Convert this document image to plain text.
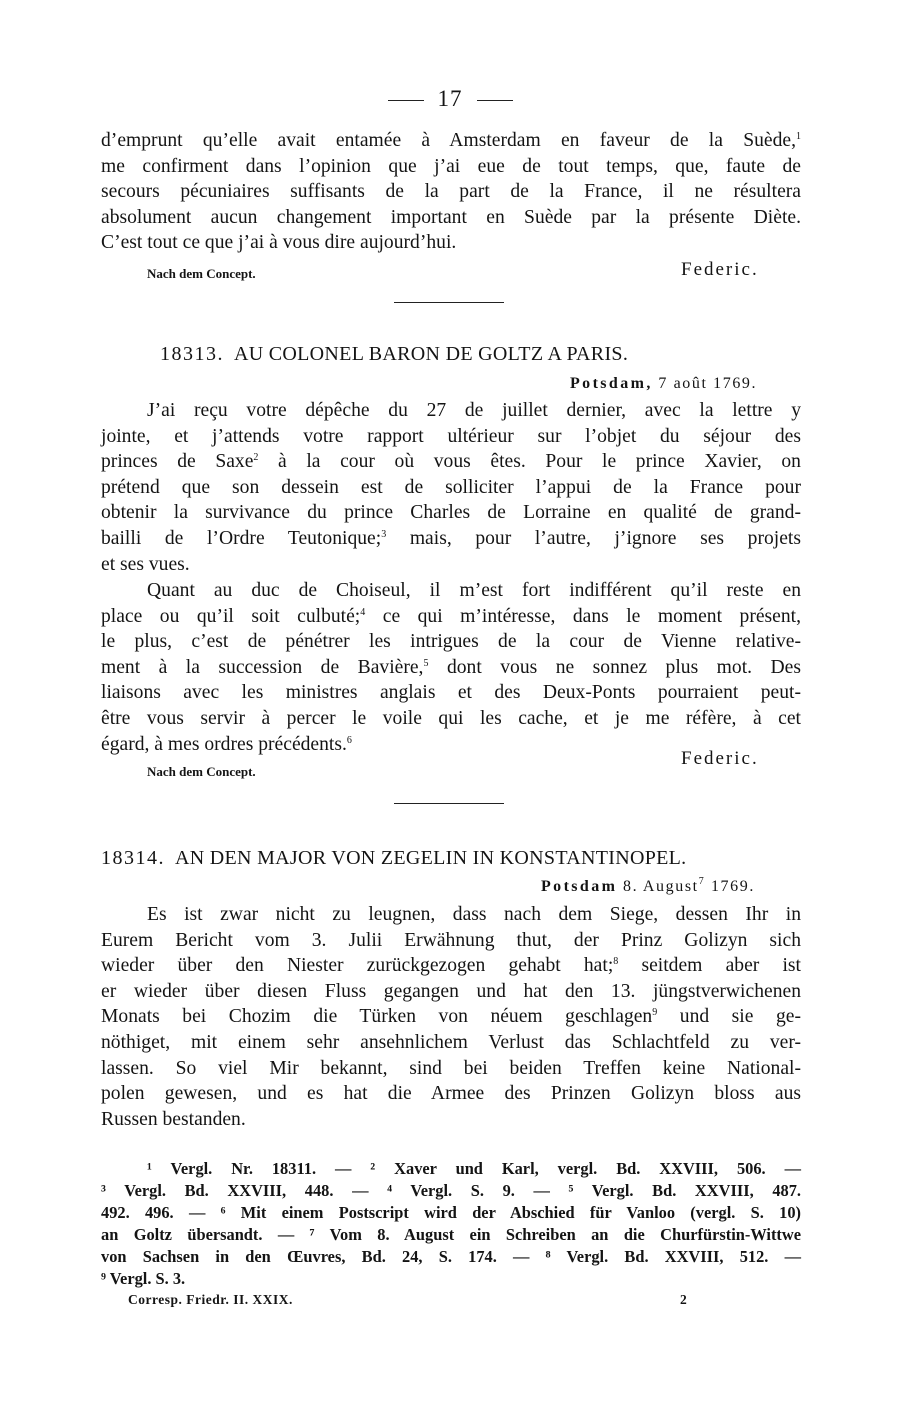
17
d’emprunt qu’elle avait entamée à Amsterdam en faveur de la Suède,$^1$
me confirment dans l’opinion que j’ai eue de tout temps, que, faute de
secours pécuniaires suffisants de la part de la France, il ne résultera
absolument aucun changement important en Suède par la présente Diète.
C’est tout ce que j’ai à vous dire aujourd’hui.
Nach dem Concept.	Federic.
18313. AU COLONEL BARON DE GOLTZ A PARIS.
Potsdam, 7 août 1769.
J’ai reçu votre dépêche du 27 de juillet dernier, avec la lettre y
jointe, et j’attends votre rapport ultérieur sur l’objet du séjour des
princes de Saxe$^2$ à la cour où vous êtes. Pour le prince Xavier, on
prétend que son dessein est de solliciter l’appui de la France pour
obtenir la survivance du prince Charles de Lorraine en qualité de grand-
bailli de l’Ordre Teutonique;$^3$ mais, pour l’autre, j’ignore ses projets
et ses vues.
Quant au duc de Choiseul, il m’est fort indifférent qu’il reste en
place ou qu’il soit culbuté;$^4$ ce qui m’intéresse, dans le moment présent,
le plus, c’est de pénétrer les intrigues de la cour de Vienne relative-
ment à la succession de Bavière,$^5$ dont vous ne sonnez plus mot. Des
liaisons avec les ministres anglais et des Deux-Ponts pourraient peut-
être vous servir à percer le voile qui les cache, et je me réfère, à cet
égard, à mes ordres précédents.$^6$
Nach dem Concept.
Federic.
18314. AN DEN MAJOR VON ZEGELIN IN KONSTANTINOPEL.
Potsdam 8. August$^7$ 1769.
Es ist zwar nicht zu leugnen, dass nach dem Siege, dessen Ihr in
Eurem Bericht vom 3. Julii Erwähnung thut, der Prinz Golizyn sich
wieder über den Niester zurückgezogen gehabt hat;$^8$ seitdem aber ist
er wieder über diesen Fluss gegangen und hat den 13. jüngstverwichenen
Monats bei Chozim die Türken von néuem geschlagen$^9$ und sie ge-
nöthiget, mit einem sehr ansehnlichem Verlust das Schlachtfeld zu ver-
lassen. So viel Mir bekannt, sind bei beiden Treffen keine National-
polen gewesen, und es hat die Armee des Prinzen Golizyn bloss aus
Russen bestanden.
¹ Vergl. Nr. 18311. — ² Xaver und Karl, vergl. Bd. XXVIII, 506. —
³ Vergl. Bd. XXVIII, 448. — ⁴ Vergl. S. 9. — ⁵ Vergl. Bd. XXVIII, 487.
492. 496. — ⁶ Mit einem Postscript wird der Abschied für Vanloo (vergl. S. 10)
an Goltz übersandt. — ⁷ Vom 8. August ein Schreiben an die Churfürstin-Wittwe
von Sachsen in den Œuvres, Bd. 24, S. 174. — ⁸ Vergl. Bd. XXVIII, 512. —
⁹ Vergl. S. 3.
Corresp. Friedr. II. XXIX.	2
